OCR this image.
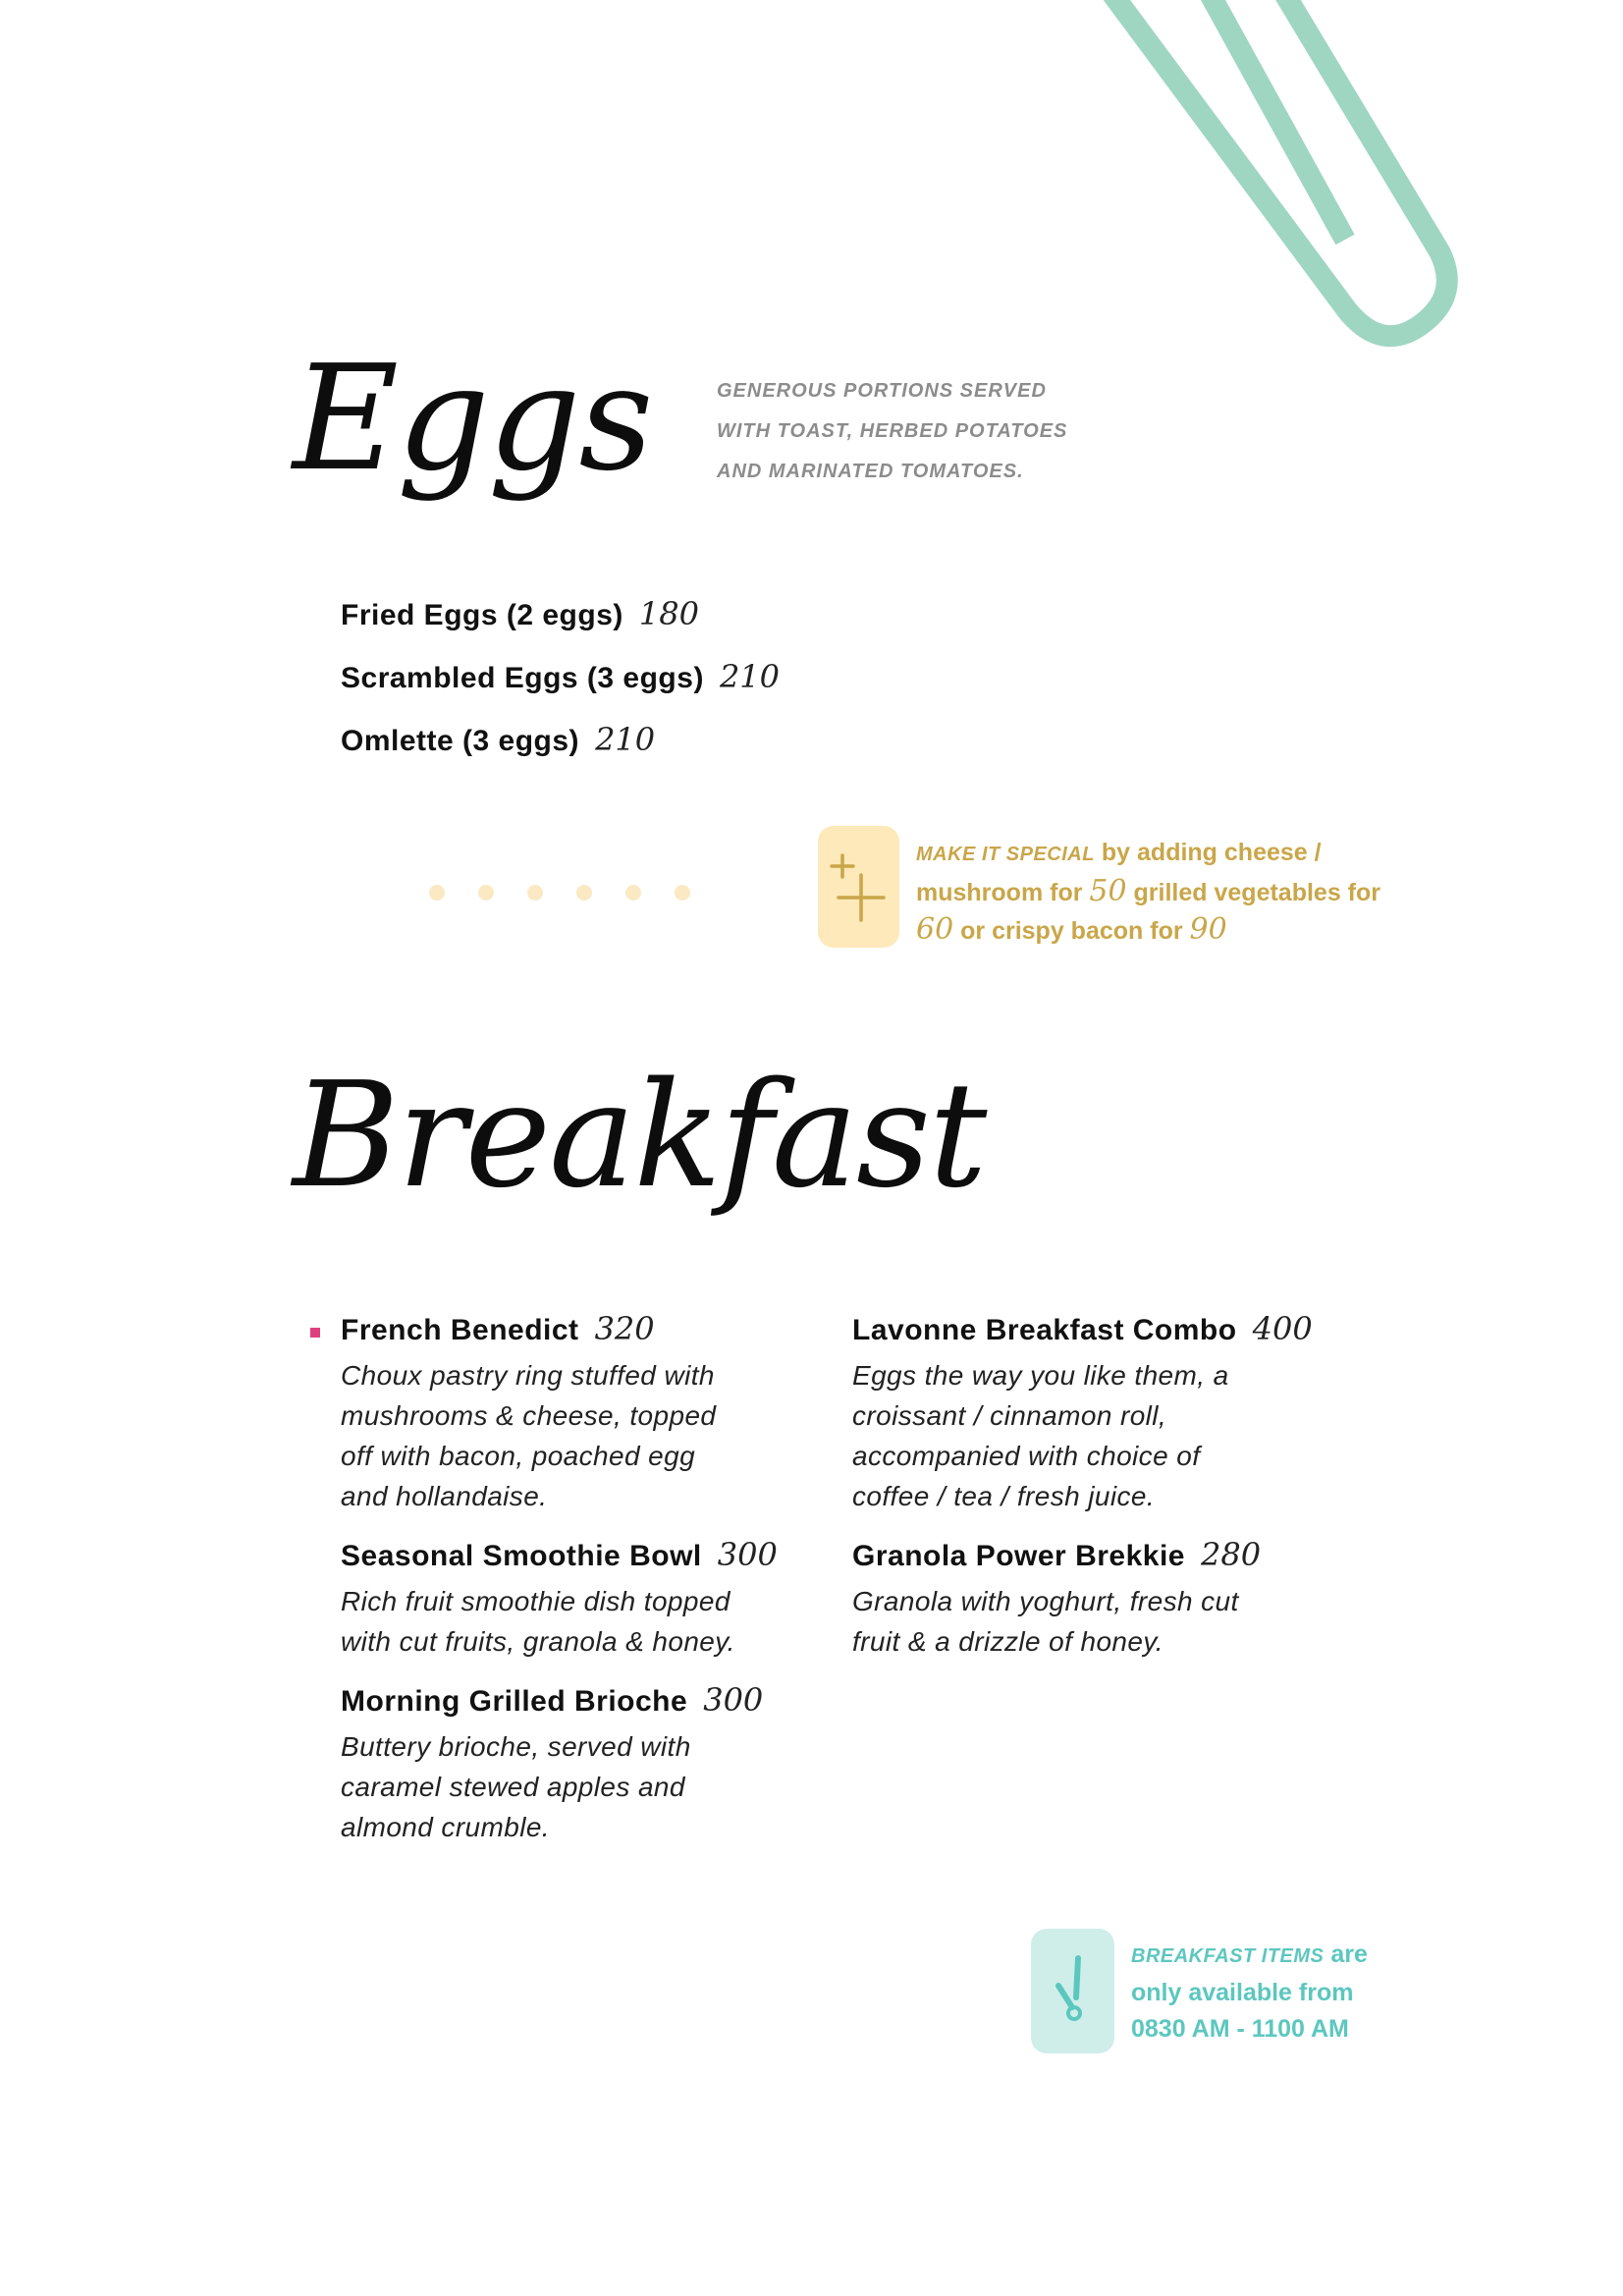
Eggs	GENEROUS PORTIONS SERVED
WITH TOAST, HERBED POTATOES
AND MARINATED TOMATOES.
Fried Eggs (2 eggs) 180
Scrambled Eggs (3 eggs) 210
Omlette (3 eggs) 210
MAKE IT SPECIAL by adding cheese / mushroom for 50 grilled vegetables for 60 or crispy bacon for 90
Breakfast
French Benedict 320

Choux pastry ring stuffed with
mushrooms & cheese, topped
off with bacon, poached egg
and hollandaise.

Seasonal Smoothie Bowl 300

Rich fruit smoothie dish topped
with cut fruits, granola & honey.

Morning Grilled Brioche 300

Buttery brioche, served with
caramel stewed apples and
almond crumble.

Lavonne Breakfast Combo 400

Eggs the way you like them, a
croissant / cinnamon roll,
accompanied with choice of
coffee / tea / fresh juice.

Granola Power Brekkie 280

Granola with yoghurt, fresh cut
fruit & a drizzle of honey.

BREAKFAST ITEMS are
only available from
0830 AM - 1100 AM
